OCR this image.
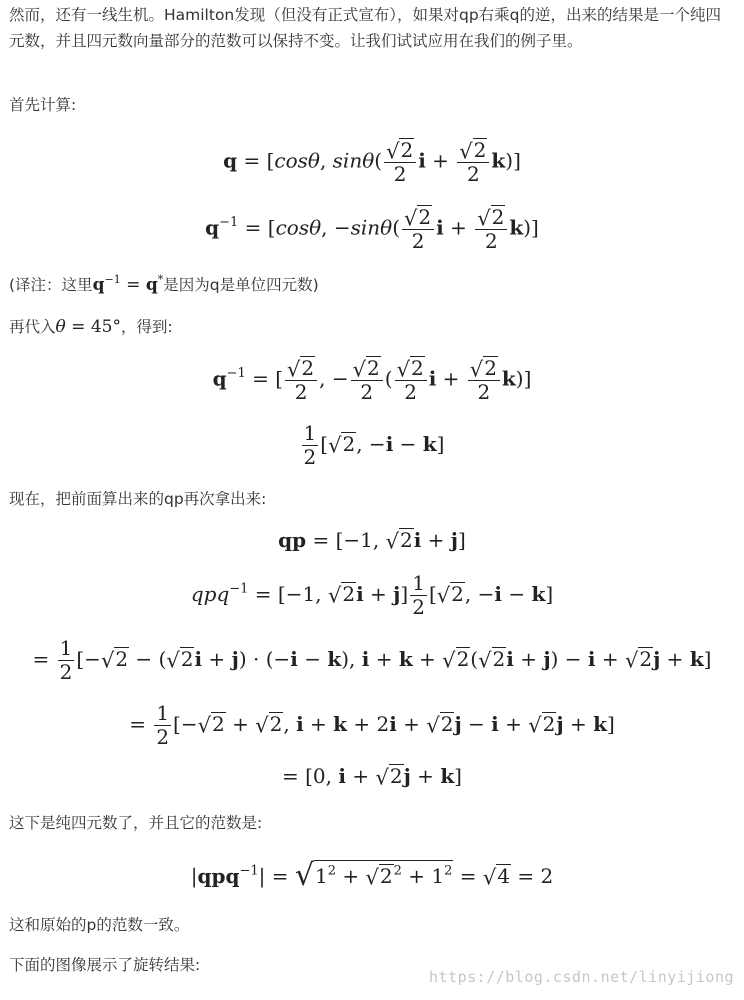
然而，还有一线生机。Hamilton发现（但没有正式宣布），如果对qp右乘q的逆，出来的结果是一个纯四元数，并且四元数向量部分的范数可以保持不变。让我们试试应用在我们的例子里。
首先计算:
q = [cosθ, $\sin\theta( \frac{√2}{2}$ $i + \frac{√2}{2} k$)]
$q^{-1} = [\cos\theta$, $-\sin\theta( \frac{√2}{2}$ $i + \frac{√2}{2} k$)]
(译注：这里$q^{-1} = q^*$是因为q是单位四元数)
再代入θ = 45°，得到:
$q^{-1}$ = [ $\frac{√2}{2}$ , − $\frac{√2}{2}$ ( $\frac{√2}{2}$ $i + \frac{√2}{2} k$)]
$\frac{1}{2} [√2$, −i − k]
现在，把前面算出来的qp再次拿出来:
qp = [−1, √2i + j]
qpq$^{-1}$ = [−1, $√2i + j] \frac{1}{2} [√2$, −i − k]
= $\frac{1}{2} [-√2 - (√2i + j) \cdot (-i - k)$, i + k + √2(√2i + j) − i + √2j + k]
= $\frac{1}{2} [-√2 + √2$, i + k + 2i + √2j − i + √2j + k]
= [0, i + √2j + k]
这下是纯四元数了，并且它的范数是:
$|qpq^{-1}| = √1^2 + √2^2 + 1^2 = √4 = 2$
这和原始的p的范数一致。
下面的图像展示了旋转结果:
https://blog.csdn.net/linyijiong
